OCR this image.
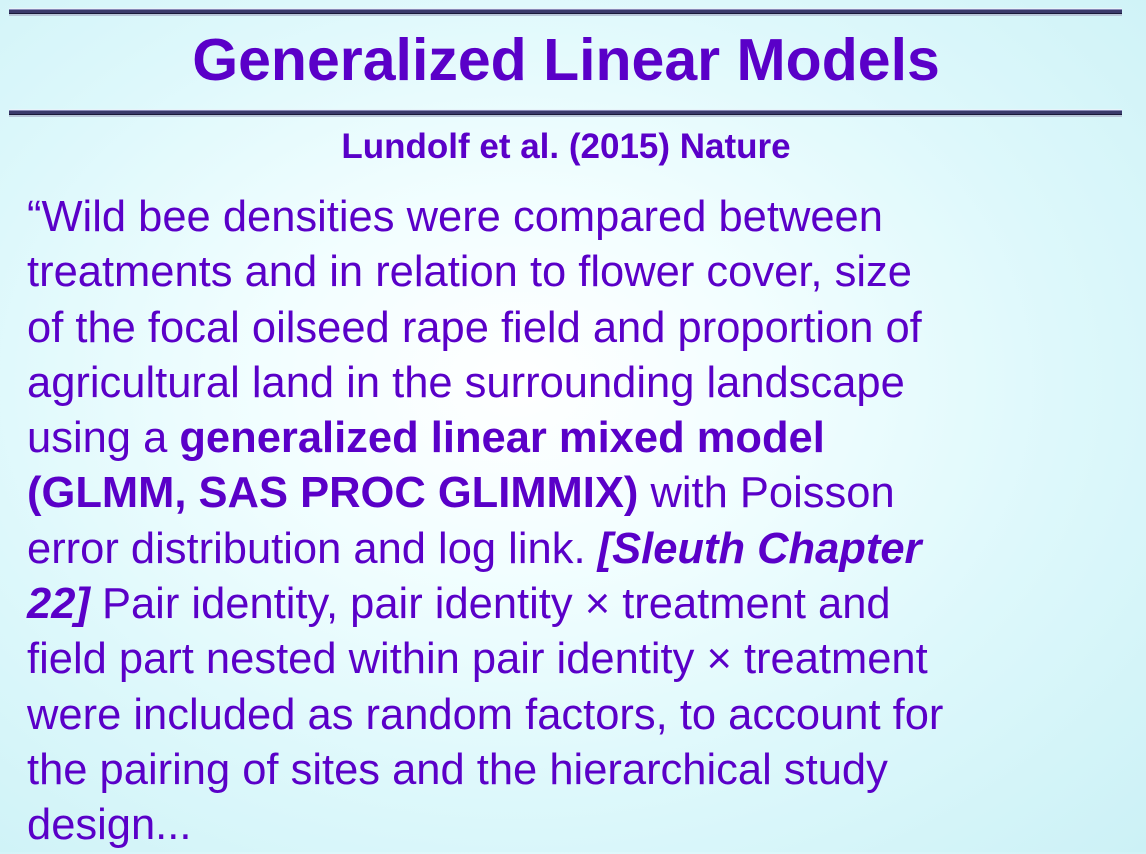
Generalized Linear Models
Lundolf et al. (2015) Nature
“Wild bee densities were compared between
treatments and in relation to flower cover, size
of the focal oilseed rape field and proportion of
agricultural land in the surrounding landscape
using a generalized linear mixed model
(GLMM, SAS PROC GLIMMIX) with Poisson
error distribution and log link. [Sleuth Chapter
22] Pair identity, pair identity × treatment and
field part nested within pair identity × treatment
were included as random factors, to account for
the pairing of sites and the hierarchical study
design...
